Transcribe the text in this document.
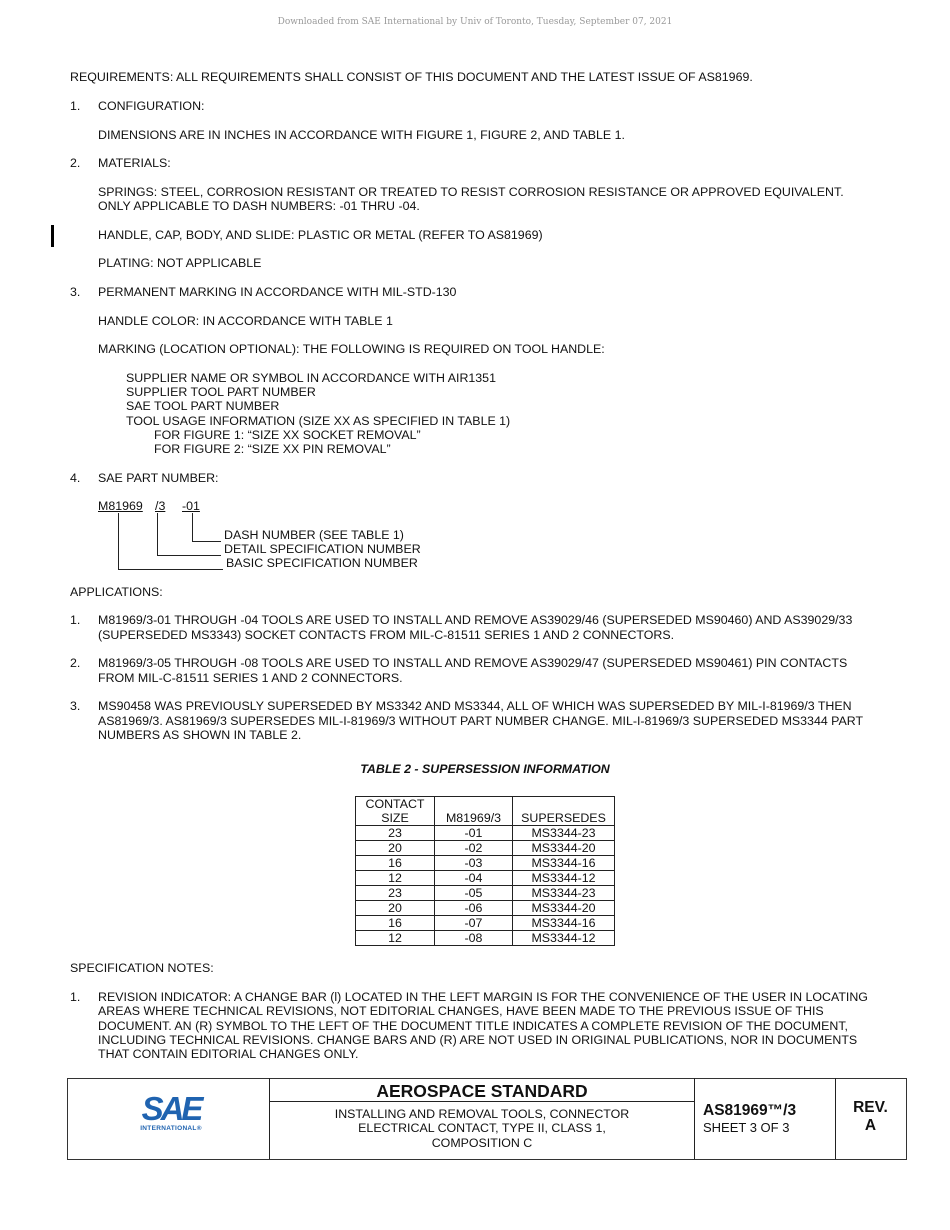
Downloaded from SAE International by Univ of Toronto, Tuesday, September 07, 2021
REQUIREMENTS: ALL REQUIREMENTS SHALL CONSIST OF THIS DOCUMENT AND THE LATEST ISSUE OF AS81969.
1. CONFIGURATION:
DIMENSIONS ARE IN INCHES IN ACCORDANCE WITH FIGURE 1, FIGURE 2, AND TABLE 1.
2. MATERIALS:
SPRINGS: STEEL, CORROSION RESISTANT OR TREATED TO RESIST CORROSION RESISTANCE OR APPROVED EQUIVALENT.
ONLY APPLICABLE TO DASH NUMBERS: -01 THRU -04.
HANDLE, CAP, BODY, AND SLIDE: PLASTIC OR METAL (REFER TO AS81969)
PLATING: NOT APPLICABLE
3. PERMANENT MARKING IN ACCORDANCE WITH MIL-STD-130
HANDLE COLOR: IN ACCORDANCE WITH TABLE 1
MARKING (LOCATION OPTIONAL): THE FOLLOWING IS REQUIRED ON TOOL HANDLE:
SUPPLIER NAME OR SYMBOL IN ACCORDANCE WITH AIR1351
SUPPLIER TOOL PART NUMBER
SAE TOOL PART NUMBER
TOOL USAGE INFORMATION (SIZE XX AS SPECIFIED IN TABLE 1)
FOR FIGURE 1: “SIZE XX SOCKET REMOVAL”
FOR FIGURE 2: “SIZE XX PIN REMOVAL”
4. SAE PART NUMBER:
M81969 /3 -01
DASH NUMBER (SEE TABLE 1)
DETAIL SPECIFICATION NUMBER
BASIC SPECIFICATION NUMBER
APPLICATIONS:
1. M81969/3-01 THROUGH -04 TOOLS ARE USED TO INSTALL AND REMOVE AS39029/46 (SUPERSEDED MS90460) AND AS39029/33
(SUPERSEDED MS3343) SOCKET CONTACTS FROM MIL-C-81511 SERIES 1 AND 2 CONNECTORS.
2. M81969/3-05 THROUGH -08 TOOLS ARE USED TO INSTALL AND REMOVE AS39029/47 (SUPERSEDED MS90461) PIN CONTACTS
FROM MIL-C-81511 SERIES 1 AND 2 CONNECTORS.
3. MS90458 WAS PREVIOUSLY SUPERSEDED BY MS3342 AND MS3344, ALL OF WHICH WAS SUPERSEDED BY MIL-I-81969/3 THEN
AS81969/3. AS81969/3 SUPERSEDES MIL-I-81969/3 WITHOUT PART NUMBER CHANGE. MIL-I-81969/3 SUPERSEDED MS3344 PART
NUMBERS AS SHOWN IN TABLE 2.
TABLE 2 - SUPERSESSION INFORMATION
CONTACT
SIZE	M81969/3	SUPERSEDES
23	-01	MS3344-23
20	-02	MS3344-20
16	-03	MS3344-16
12	-04	MS3344-12
23	-05	MS3344-23
20	-06	MS3344-20
16	-07	MS3344-16
12	-08	MS3344-12
SPECIFICATION NOTES:
1. REVISION INDICATOR: A CHANGE BAR (l) LOCATED IN THE LEFT MARGIN IS FOR THE CONVENIENCE OF THE USER IN LOCATING
AREAS WHERE TECHNICAL REVISIONS, NOT EDITORIAL CHANGES, HAVE BEEN MADE TO THE PREVIOUS ISSUE OF THIS
DOCUMENT. AN (R) SYMBOL TO THE LEFT OF THE DOCUMENT TITLE INDICATES A COMPLETE REVISION OF THE DOCUMENT,
INCLUDING TECHNICAL REVISIONS. CHANGE BARS AND (R) ARE NOT USED IN ORIGINAL PUBLICATIONS, NOR IN DOCUMENTS
THAT CONTAIN EDITORIAL CHANGES ONLY.
SAE
INTERNATIONAL®
AEROSPACE STANDARD
INSTALLING AND REMOVAL TOOLS, CONNECTOR
ELECTRICAL CONTACT, TYPE II, CLASS 1,
COMPOSITION C
AS81969™/3
SHEET 3 OF 3
REV.
A
